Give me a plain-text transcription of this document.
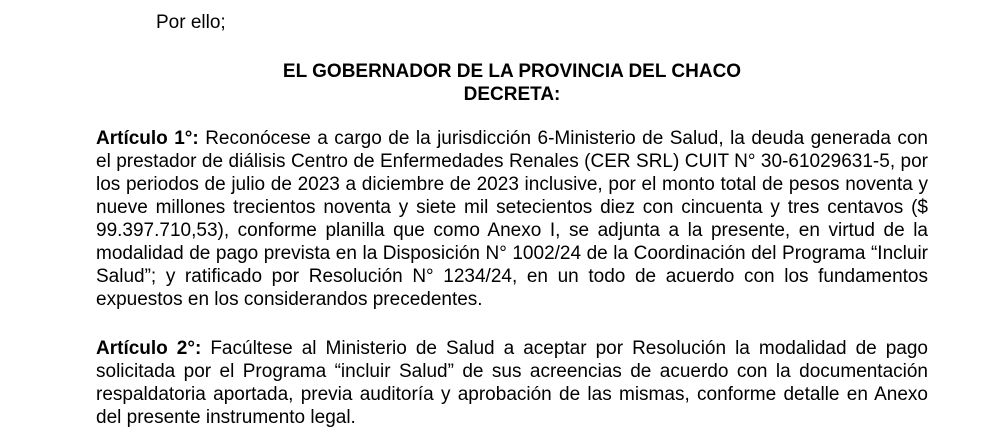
Por ello;

EL GOBERNADOR DE LA PROVINCIA DEL CHACO

DECRETA:

Artículo 1°: Reconócese a cargo de la jurisdicción 6-Ministerio de Salud, la deuda generada con el prestador de diálisis Centro de Enfermedades Renales (CER SRL) CUIT N° 30-61029631-5, por los periodos de julio de 2023 a diciembre de 2023 inclusive, por el monto total de pesos noventa y nueve millones trecientos noventa y siete mil setecientos diez con cincuenta y tres centavos ($ 99.397.710,53), conforme planilla que como Anexo I, se adjunta a la presente, en virtud de la modalidad de pago prevista en la Disposición N° 1002/24 de la Coordinación del Programa “Incluir Salud”; y ratificado por Resolución N° 1234/24, en un todo de acuerdo con los fundamentos expuestos en los considerandos precedentes.

Artículo 2°: Facúltese al Ministerio de Salud a aceptar por Resolución la modalidad de pago solicitada por el Programa “incluir Salud” de sus acreencias de acuerdo con la documentación respaldatoria aportada, previa auditoría y aprobación de las mismas, conforme detalle en Anexo del presente instrumento legal.
